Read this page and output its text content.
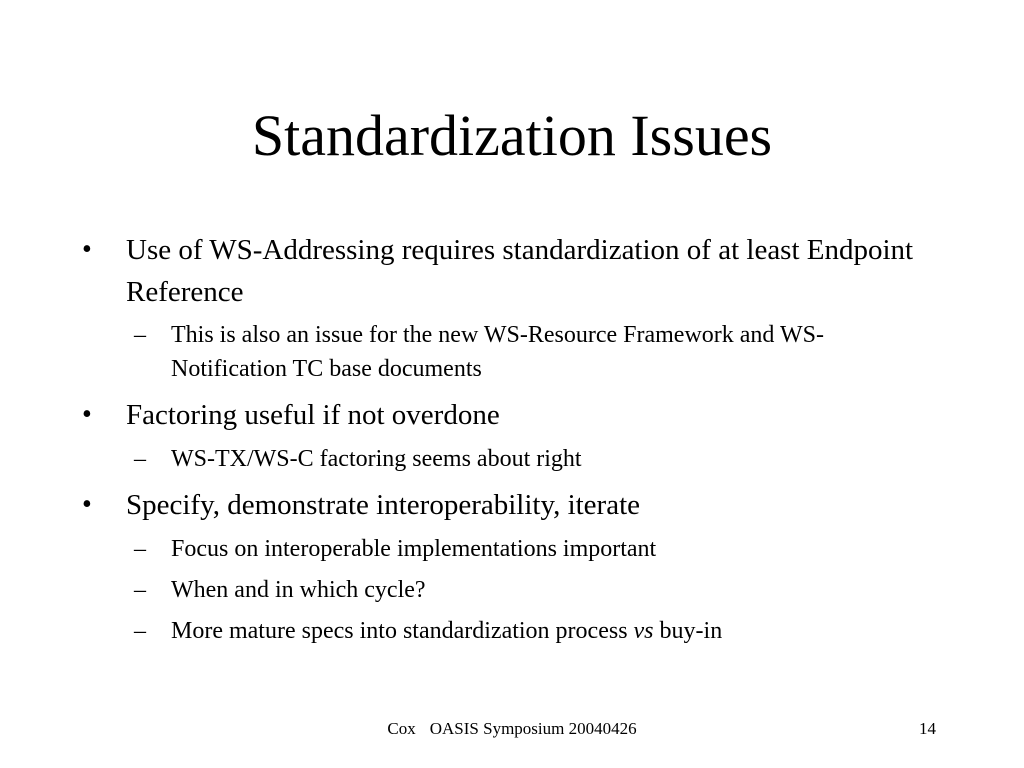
Standardization Issues
• Use of WS-Addressing requires standardization of at least Endpoint Reference
– This is also an issue for the new WS-Resource Framework and WS-Notification TC base documents
• Factoring useful if not overdone
– WS-TX/WS-C factoring seems about right
• Specify, demonstrate interoperability, iterate
– Focus on interoperable implementations important
– When and in which cycle?
– More mature specs into standardization process vs buy-in
Cox OASIS Symposium 20040426	14
